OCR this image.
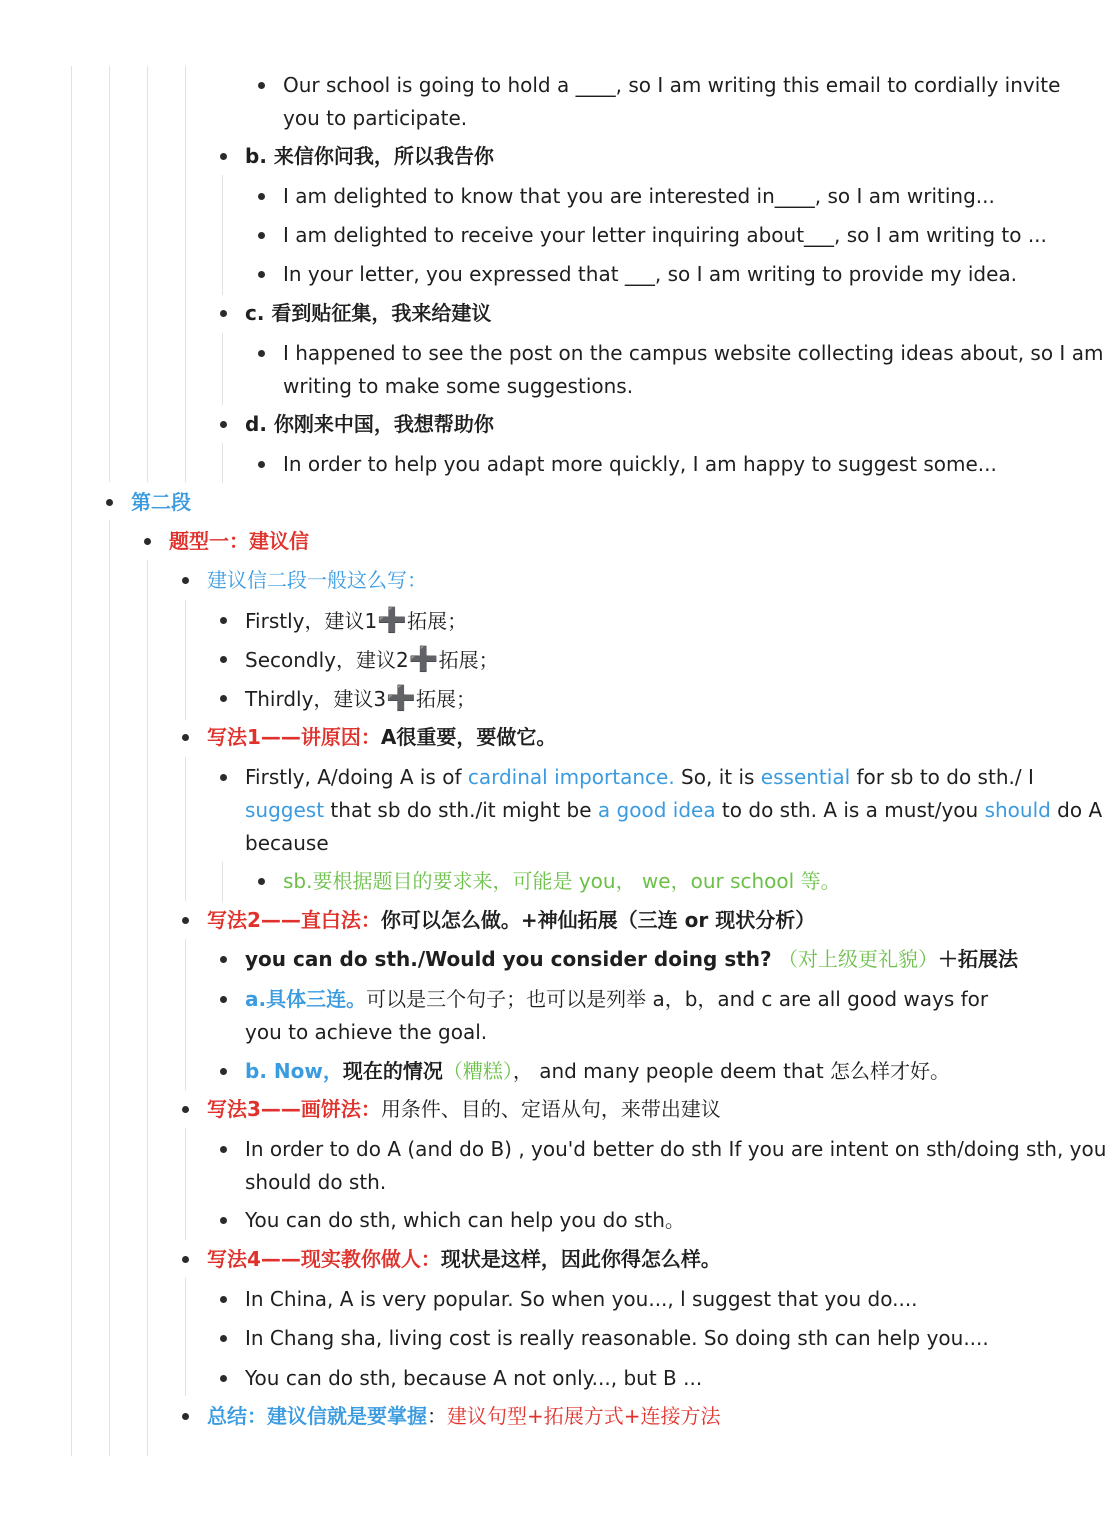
Our school is going to hold a ____, so I am writing this email to cordially invite
you to participate.
b. 来信你问我，所以我告你
I am delighted to know that you are interested in____, so I am writing...
I am delighted to receive your letter inquiring about___, so I am writing to ...
In your letter, you expressed that ___, so I am writing to provide my idea.
c. 看到贴征集，我来给建议
I happened to see the post on the campus website collecting ideas about, so I am
writing to make some suggestions.
d. 你刚来中国，我想帮助你
In order to help you adapt more quickly, I am happy to suggest some...
第二段
题型一：建议信
建议信二段一般这么写：
Firstly，建议1➕拓展；
Secondly，建议2➕拓展；
Thirdly，建议3➕拓展；
写法1——讲原因：A很重要，要做它。
Firstly, A/doing A is of cardinal importance. So, it is essential for sb to do sth./ I
suggest that sb do sth./it might be a good idea to do sth. A is a must/you should do A
because
sb.要根据题目的要求来，可能是 you， we，our school 等。
写法2——直白法：你可以怎么做。+神仙拓展（三连 or 现状分析）
you can do sth./Would you consider doing sth? （对上级更礼貌）＋拓展法
a.具体三连。可以是三个句子；也可以是列举 a，b，and c are all good ways for
you to achieve the goal.
b. Now，现在的情况（糟糕）， and many people deem that 怎么样才好。
写法3——画饼法：用条件、目的、定语从句，来带出建议
In order to do A (and do B) , you'd better do sth If you are intent on sth/doing sth, you
should do sth.
You can do sth, which can help you do sth。
写法4——现实教你做人：现状是这样，因此你得怎么样。
In China, A is very popular. So when you..., l suggest that you do....
In Chang sha, living cost is really reasonable. So doing sth can help you....
You can do sth, because A not only..., but B ...
总结：建议信就是要掌握：建议句型+拓展方式+连接方法
